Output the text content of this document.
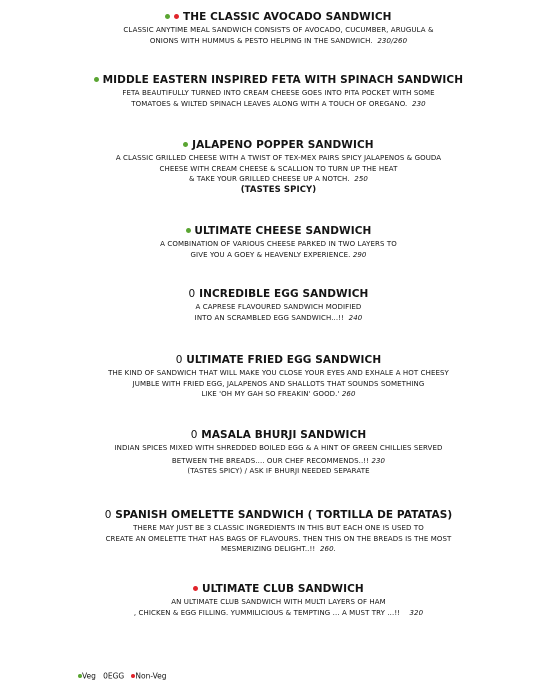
THE CLASSIC AVOCADO SANDWICH
CLASSIC ANYTIME MEAL SANDWICH CONSISTS OF AVOCADO, CUCUMBER, ARUGULA &
ONIONS WITH HUMMUS & PESTO HELPING IN THE SANDWICH. 230/260
MIDDLE EASTERN INSPIRED FETA WITH SPINACH SANDWICH
FETA BEAUTIFULLY TURNED INTO CREAM CHEESE GOES INTO PITA POCKET WITH SOME
TOMATOES & WILTED SPINACH LEAVES ALONG WITH A TOUCH OF OREGANO. 230
JALAPENO POPPER SANDWICH
A CLASSIC GRILLED CHEESE WITH A TWIST OF TEX-MEX PAIRS SPICY JALAPENOS & GOUDA
CHEESE WITH CREAM CHEESE & SCALLION TO TURN UP THE HEAT
& TAKE YOUR GRILLED CHEESE UP A NOTCH. 250
(TASTES SPICY)
ULTIMATE CHEESE SANDWICH
A COMBINATION OF VARIOUS CHEESE PARKED IN TWO LAYERS TO
GIVE YOU A GOEY & HEAVENLY EXPERIENCE. 290
0 INCREDIBLE EGG SANDWICH
A CAPRESE FLAVOURED SANDWICH MODIFIED
INTO AN SCRAMBLED EGG SANDWICH...!! 240
0 ULTIMATE FRIED EGG SANDWICH
THE KIND OF SANDWICH THAT WILL MAKE YOU CLOSE YOUR EYES AND EXHALE A HOT CHEESY
JUMBLE WITH FRIED EGG, JALAPENOS AND SHALLOTS THAT SOUNDS SOMETHING
LIKE 'OH MY GAH SO FREAKIN' GOOD.' 260
0 MASALA BHURJI SANDWICH
INDIAN SPICES MIXED WITH SHREDDED BOILED EGG & A HINT OF GREEN CHILLIES SERVED
BETWEEN THE BREADS.... OUR CHEF RECOMMENDS..!! 230
(TASTES SPICY) / ASK IF BHURJI NEEDED SEPARATE
0 SPANISH OMELETTE SANDWICH ( TORTILLA DE PATATAS)
THERE MAY JUST BE 3 CLASSIC INGREDIENTS IN THIS BUT EACH ONE IS USED TO
CREATE AN OMELETTE THAT HAS BAGS OF FLAVOURS. THEN THIS ON THE BREADS IS THE MOST
MESMERIZING DELIGHT..!! 260.
ULTIMATE CLUB SANDWICH
AN ULTIMATE CLUB SANDWICH WITH MULTI LAYERS OF HAM
, CHICKEN & EGG FILLING. YUMMILICIOUS & TEMPTING ... A MUST TRY ...!! 320
Veg 0EGG Non-Veg
